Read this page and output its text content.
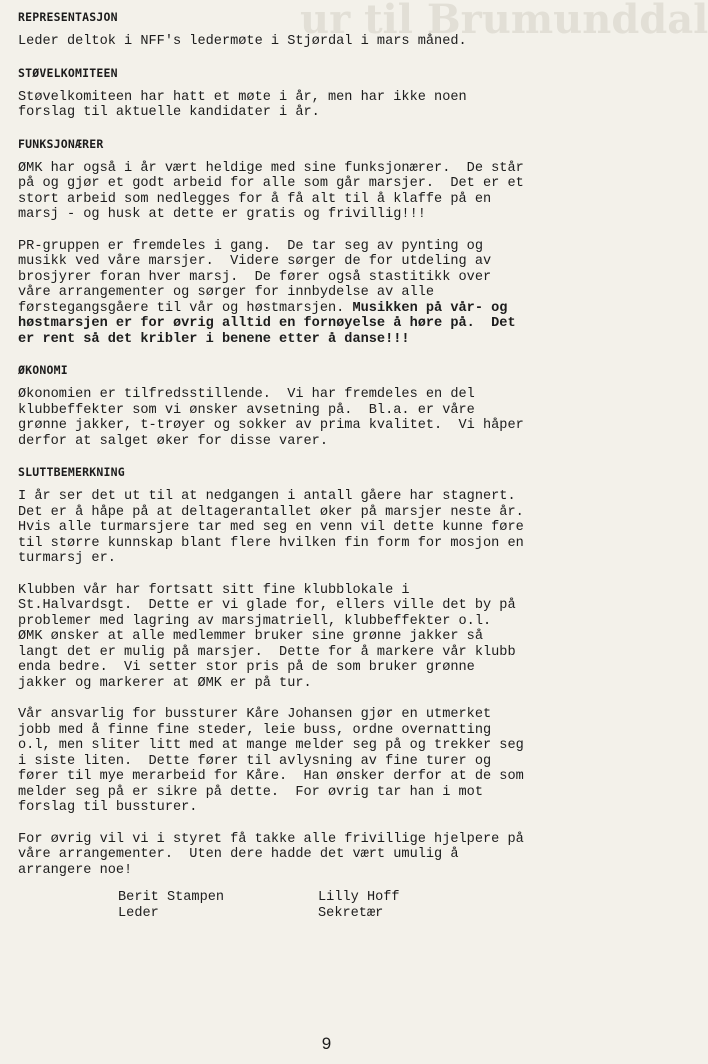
ur til Brumunddal

REPRESENTASJON

Leder deltok i NFF's ledermøte i Stjørdal i mars måned.

STØVELKOMITEEN

Støvelkomiteen har hatt et møte i år, men har ikke noen
forslag til aktuelle kandidater i år.

FUNKSJONÆRER

ØMK har også i år vært heldige med sine funksjonærer.  De står
på og gjør et godt arbeid for alle som går marsjer.  Det er et
stort arbeid som nedlegges for å få alt til å klaffe på en
marsj - og husk at dette er gratis og frivillig!!!

PR-gruppen er fremdeles i gang.  De tar seg av pynting og
musikk ved våre marsjer.  Videre sørger de for utdeling av
brosjyrer foran hver marsj.  De fører også stastitikk over
våre arrangementer og sørger for innbydelse av alle
førstegangsgåere til vår og høstmarsjen. Musikken på vår- og
høstmarsjen er for øvrig alltid en fornøyelse å høre på.  Det
er rent så det kribler i benene etter å danse!!!

ØKONOMI

Økonomien er tilfredsstillende.  Vi har fremdeles en del
klubbeffekter som vi ønsker avsetning på.  Bl.a. er våre
grønne jakker, t-trøyer og sokker av prima kvalitet.  Vi håper
derfor at salget øker for disse varer.

SLUTTBEMERKNING

I år ser det ut til at nedgangen i antall gåere har stagnert.
Det er å håpe på at deltagerantallet øker på marsjer neste år.
Hvis alle turmarsjere tar med seg en venn vil dette kunne føre
til større kunnskap blant flere hvilken fin form for mosjon en
turmarsj er.

Klubben vår har fortsatt sitt fine klubblokale i
St.Halvardsgt.  Dette er vi glade for, ellers ville det by på
problemer med lagring av marsjmatriell, klubbeffekter o.l.
ØMK ønsker at alle medlemmer bruker sine grønne jakker så
langt det er mulig på marsjer.  Dette for å markere vår klubb
enda bedre.  Vi setter stor pris på de som bruker grønne
jakker og markerer at ØMK er på tur.

Vår ansvarlig for bussturer Kåre Johansen gjør en utmerket
jobb med å finne fine steder, leie buss, ordne overnatting
o.l, men sliter litt med at mange melder seg på og trekker seg
i siste liten.  Dette fører til avlysning av fine turer og
fører til mye merarbeid for Kåre.  Han ønsker derfor at de som
melder seg på er sikre på dette.  For øvrig tar han i mot
forslag til bussturer.

For øvrig vil vi i styret få takke alle frivillige hjelpere på
våre arrangementer.  Uten dere hadde det vært umulig å
arrangere noe!

Berit Stampen
Leder
Lilly Hoff
Sekretær
9
